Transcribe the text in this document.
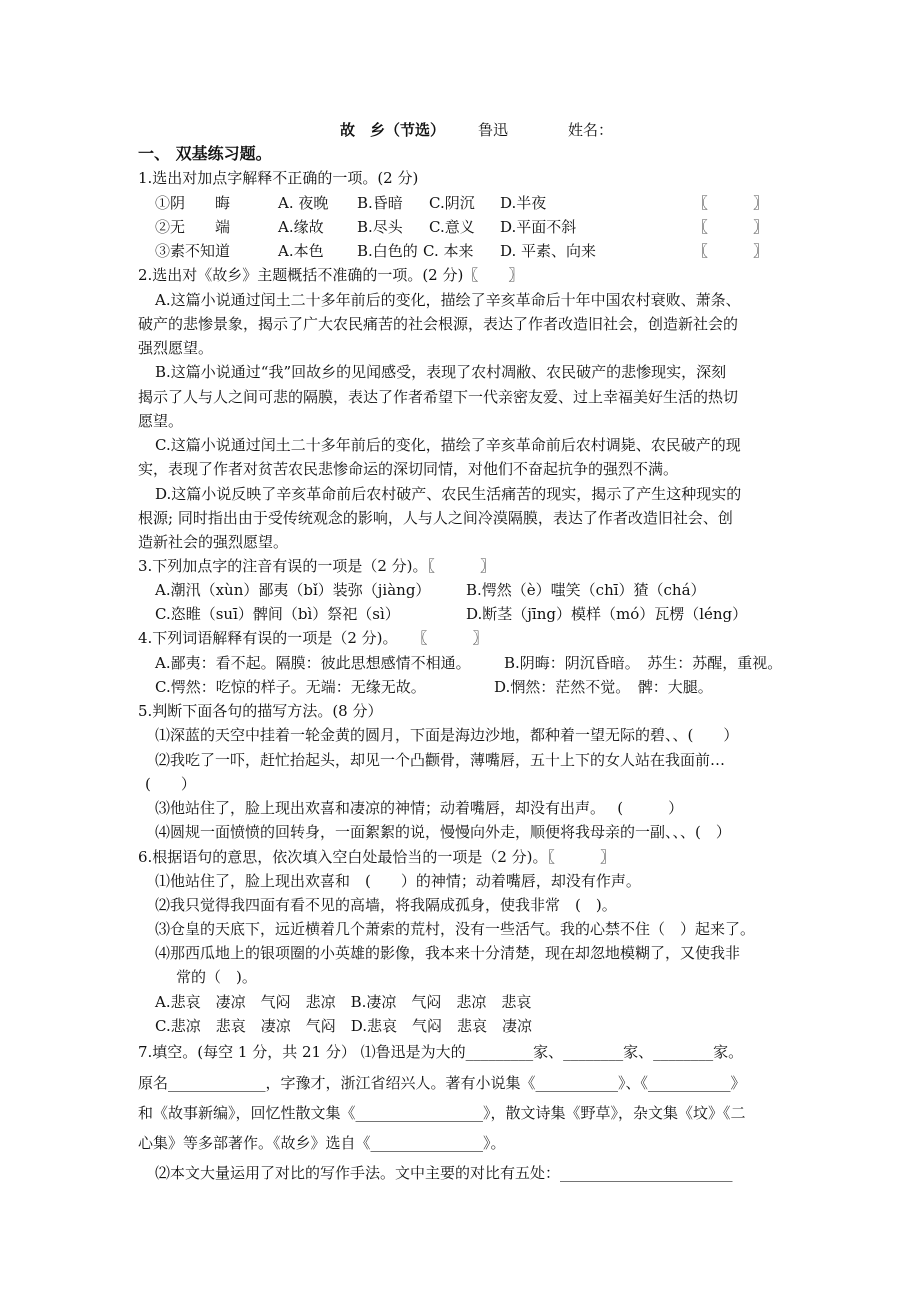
故　乡（节选） 鲁迅	姓名：
一、 双基练习题。
1.选出对加点字解释不正确的一项。(2 分)
①阴　　晦	A. 夜晚 B.昏暗 C.阴沉 D.半夜	〖　　　〗
②无　　端	A.缘故 B.尽头 C.意义 D.平面不斜	〖　　　〗
③素不知道	A.本色 B.白色的 C. 本来 D. 平素、向来	〖　　　〗
2.选出对《故乡》主题概括不准确的一项。(2 分)〖　　〗
A.这篇小说通过闰土二十多年前后的变化，描绘了辛亥革命后十年中国农村衰败、萧条、
破产的悲惨景象，揭示了广大农民痛苦的社会根源，表达了作者改造旧社会，创造新社会的
强烈愿望。
B.这篇小说通过“我”回故乡的见闻感受，表现了农村凋敝、农民破产的悲惨现实，深刻
揭示了人与人之间可悲的隔膜，表达了作者希望下一代亲密友爱、过上幸福美好生活的热切
愿望。
C.这篇小说通过闰土二十多年前后的变化，描绘了辛亥革命前后农村调毙、农民破产的现
实，表现了作者对贫苦农民悲惨命运的深切同情，对他们不奋起抗争的强烈不满。
D.这篇小说反映了辛亥革命前后农村破产、农民生活痛苦的现实，揭示了产生这种现实的
根源; 同时指出由于受传统观念的影响，人与人之间冷漠隔膜，表达了作者改造旧社会、创
造新社会的强烈愿望。
3.下列加点字的注音有误的一项是（2 分)。〖　　　〗
A.潮汛（xùn）鄙夷（bǐ）装弥（jiàng） B.愕然（è）嗤笑（chī）猹（chá）
C.恣睢（suī）髀间（bì）祭祀（sì）	D.断茎（jīng）模样（mó）瓦楞（léng）
4.下列词语解释有误的一项是（2 分)。　　〖　　　〗
A.鄙夷：看不起。隔膜：彼此思想感情不相通。 B.阴晦：阴沉昏暗。　苏生：苏醒，重视。
C.愕然：吃惊的样子。无端：无缘无故。	D.惘然：茫然不觉。　髀：大腿。
5.判断下面各句的描写方法。(8 分）
⑴深蓝的天空中挂着一轮金黄的圆月，下面是海边沙地，都种着一望无际的碧、、(　　）
⑵我吃了一吓，赶忙抬起头，却见一个凸颧骨，薄嘴唇，五十上下的女人站在我面前…
(　　）
⑶他站住了，脸上现出欢喜和凄凉的神情；动着嘴唇，却没有出声。　 (　　　）
⑷圆规一面愤愤的回转身，一面絮絮的说，慢慢向外走，顺便将我母亲的一副、、、(　）
6.根据语句的意思，依次填入空白处最恰当的一项是（2 分)。〖　　　〗
⑴他站住了，脸上现出欢喜和　(　　）的神情；动着嘴唇，却没有作声。
⑵我只觉得我四面有看不见的高墙，将我隔成孤身，使我非常　(　)。
⑶仓皇的天底下，远近横着几个萧索的荒村，没有一些活气。我的心禁不住（　）起来了。
⑷那西瓜地上的银项圈的小英雄的影像，我本来十分清楚，现在却忽地模糊了，又使我非
常的（　)。
A.悲哀　凄凉　气闷　悲凉　B.凄凉　气闷　悲凉　悲哀
C.悲凉　悲哀　凄凉　气闷　D.悲哀　气闷　悲哀　凄凉
7.填空。(每空 1 分，共 21 分） ⑴鲁迅是为大的_________家、________家、________家。
原名_____________，字豫才，浙江省绍兴人。著有小说集《___________》、《___________》
和《故事新编》，回忆性散文集《_________________》，散文诗集《野草》，杂文集《坟》《二
心集》等多部著作。《故乡》选自《_______________》。
⑵本文大量运用了对比的写作手法。文中主要的对比有五处：_______________________
